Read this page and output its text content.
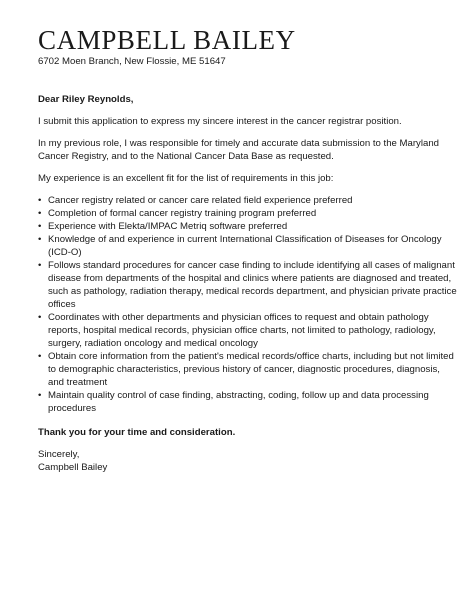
CAMPBELL BAILEY
6702 Moen Branch, New Flossie, ME 51647

Dear Riley Reynolds,

I submit this application to express my sincere interest in the cancer registrar position.

In my previous role, I was responsible for timely and accurate data submission to the Maryland Cancer Registry, and to the National Cancer Data Base as requested.

My experience is an excellent fit for the list of requirements in this job:

• Cancer registry related or cancer care related field experience preferred
• Completion of formal cancer registry training program preferred
• Experience with Elekta/IMPAC Metriq software preferred
• Knowledge of and experience in current International Classification of Diseases for Oncology (ICD-O)
• Follows standard procedures for cancer case finding to include identifying all cases of malignant disease from departments of the hospital and clinics where patients are diagnosed and treated, such as pathology, radiation therapy, medical records department, and physician private practice offices
• Coordinates with other departments and physician offices to request and obtain pathology reports, hospital medical records, physician office charts, not limited to pathology, radiology, surgery, radiation oncology and medical oncology
• Obtain core information from the patient's medical records/office charts, including but not limited to demographic characteristics, previous history of cancer, diagnostic procedures, diagnosis, and treatment
• Maintain quality control of case finding, abstracting, coding, follow up and data processing procedures

Thank you for your time and consideration.

Sincerely,

Campbell Bailey
